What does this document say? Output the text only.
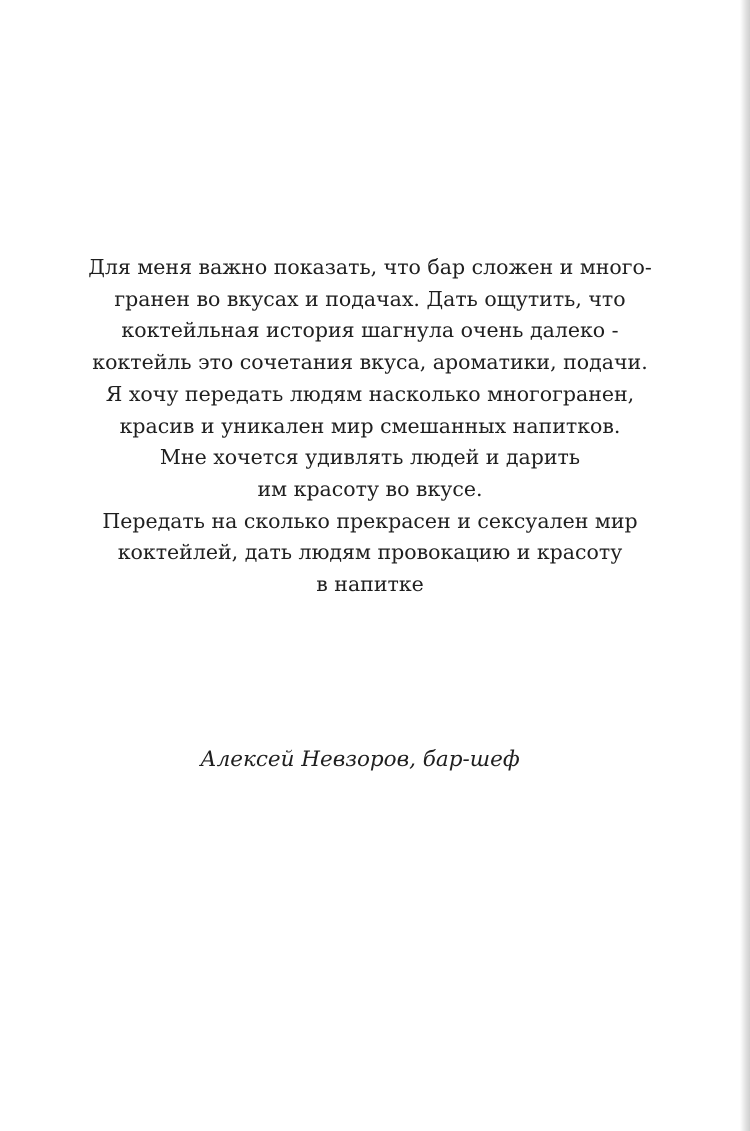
Для меня важно показать, что бар сложен и много-
гранен во вкусах и подачах. Дать ощутить, что
коктейльная история шагнула очень далеко -
коктейль это сочетания вкуса, ароматики, подачи.
Я хочу передать людям насколько многогранен,
красив и уникален мир смешанных напитков.
Мне хочется удивлять людей и дарить
им красоту во вкусе.
Передать на сколько прекрасен и сексуален мир
коктейлей, дать людям провокацию и красоту
в напитке
Алексей Невзоров, бар-шеф
